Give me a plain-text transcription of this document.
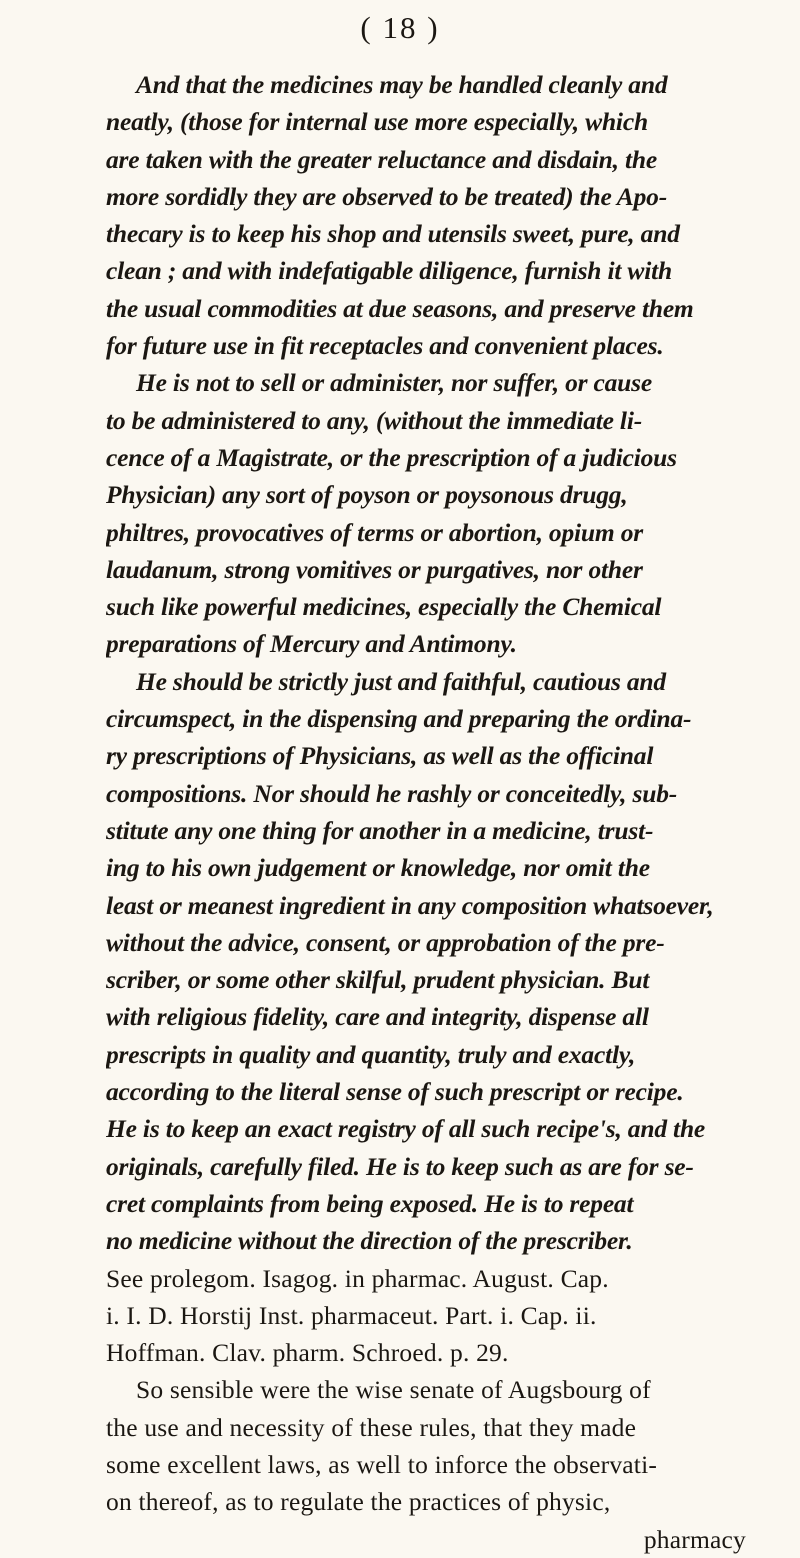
( 18 )
And that the medicines may be handled cleanly and
neatly, (those for internal use more especially, which
are taken with the greater reluctance and disdain, the
more sordidly they are observed to be treated) the Apo-
thecary is to keep his shop and utensils sweet, pure, and
clean ; and with indefatigable diligence, furnish it with
the usual commodities at due seasons, and preserve them
for future use in fit receptacles and convenient places.
He is not to sell or administer, nor suffer, or cause
to be administered to any, (without the immediate li-
cence of a Magistrate, or the prescription of a judicious
Physician) any sort of poyson or poysonous drugg,
philtres, provocatives of terms or abortion, opium or
laudanum, strong vomitives or purgatives, nor other
such like powerful medicines, especially the Chemical
preparations of Mercury and Antimony.
He should be strictly just and faithful, cautious and
circumspect, in the dispensing and preparing the ordina-
ry prescriptions of Physicians, as well as the officinal
compositions. Nor should he rashly or conceitedly, sub-
stitute any one thing for another in a medicine, trust-
ing to his own judgement or knowledge, nor omit the
least or meanest ingredient in any composition whatsoever,
without the advice, consent, or approbation of the pre-
scriber, or some other skilful, prudent physician. But
with religious fidelity, care and integrity, dispense all
prescripts in quality and quantity, truly and exactly,
according to the literal sense of such prescript or recipe.
He is to keep an exact registry of all such recipe's, and the
originals, carefully filed. He is to keep such as are for se-
cret complaints from being exposed. He is to repeat
no medicine without the direction of the prescriber.
See prolegom. Isagog. in pharmac. August. Cap.
i. I. D. Horstij Inst. pharmaceut. Part. i. Cap. ii.
Hoffman. Clav. pharm. Schroed. p. 29.
So sensible were the wise senate of Augsbourg of
the use and necessity of these rules, that they made
some excellent laws, as well to inforce the observati-
on thereof, as to regulate the practices of physic,
pharmacy
